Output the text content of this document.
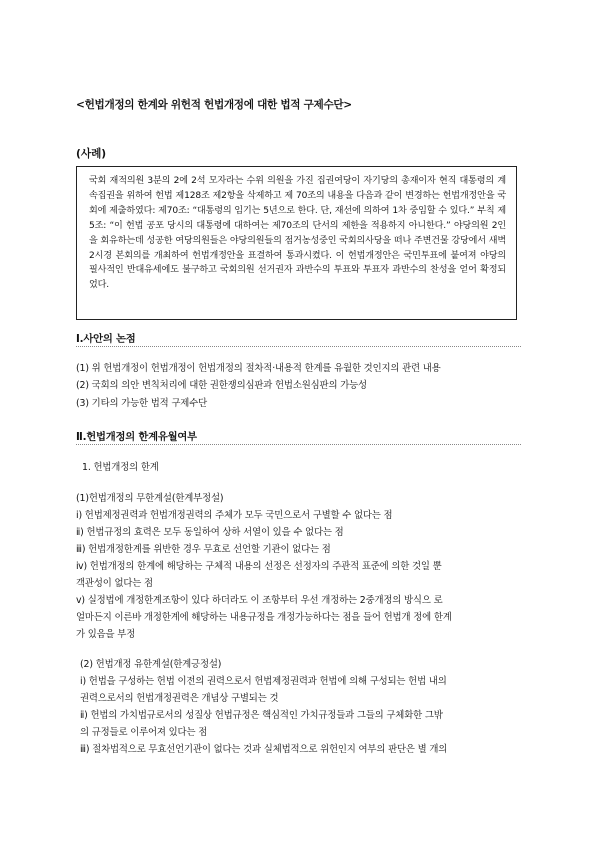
<헌법개정의 한계와 위헌적 헌법개정에 대한 법적 구제수단>
(사례)

국회 재적의원 3분의 2에 2석 모자라는 수위 의원을 가진 집권여당이 자기당의 총재이자 현직 대통령의 계속집권을 위하여 헌법 제128조 제2항을 삭제하고 제 70조의 내용을 다음과 같이 변경하는 헌법개정안을 국회에 제출하였다: 제70조: “대통령의 임기는 5년으로 한다. 단, 재선에 의하여 1차 중임할 수 있다.” 부칙 제5조: “이 헌법 공포 당시의 대통령에 대하여는 제70조의 단서의 제한을 적용하지 아니한다.” 야당의원 2인을 회유하는데 성공한 여당의원들은 야당의원들의 점거농성중인 국회의사당을 떠나 주변건물 강당에서 새벽 2시경 본회의를 개최하여 헌법개정안을 표결하여 통과시켰다. 이 헌법개정안은 국민투표에 붙여져 야당의 필사적인 반대유세에도 불구하고 국회의원 선거권자 과반수의 투표와 투표자 과반수의 찬성을 얻어 확정되었다.

Ⅰ.사안의 논점
(1) 위 헌법개정이 헌법개정이 헌법개정의 절차적·내용적 한계를 유월한 것인지의 관련 내용
(2) 국회의 의안 변칙처리에 대한 권한쟁의심판과 헌법소원심판의 가능성
(3) 기타의 가능한 법적 구제수단
Ⅱ.헌법개정의 한계유월여부
1. 헌법개정의 한계
(1)헌법개정의 무한계설(한계부정설)
ⅰ) 헌법제정권력과 헌법개정권력의 주체가 모두 국민으로서 구별할 수 없다는 점
ⅱ) 헌법규정의 효력은 모두 동일하여 상하 서열이 있을 수 없다는 점
ⅲ) 헌법개정한계를 위반한 경우 무효로 선언할 기관이 없다는 점
ⅳ) 헌법개정의 한계에 해당하는 구체적 내용의 선정은 선정자의 주관적 표준에 의한 것일 뿐
객관성이 없다는 점
ⅴ) 실정법에 개정한계조항이 있다 하더라도 이 조항부터 우선 개정하는 2중개정의 방식으 로
얼마든지 이른바 개정한계에 해당하는 내용규정을 개정가능하다는 점을 들어 헌법개 정에 한계
가 있음을 부정
(2) 헌법개정 유한계설(한계긍정설)
ⅰ) 헌법을 구성하는 헌법 이전의 권력으로서 헌법제정권력과 헌법에 의해 구성되는 헌법 내의
권력으로서의 헌법개정권력은 개념상 구별되는 것
ⅱ) 헌법의 가치법규로서의 성질상 헌법규정은 핵심적인 가치규정들과 그들의 구체화한 그밖
의 규정들로 이루어져 있다는 점
ⅲ) 절차법적으로 무효선언기관이 없다는 것과 실체법적으로 위헌인지 여부의 판단은 별 개의
